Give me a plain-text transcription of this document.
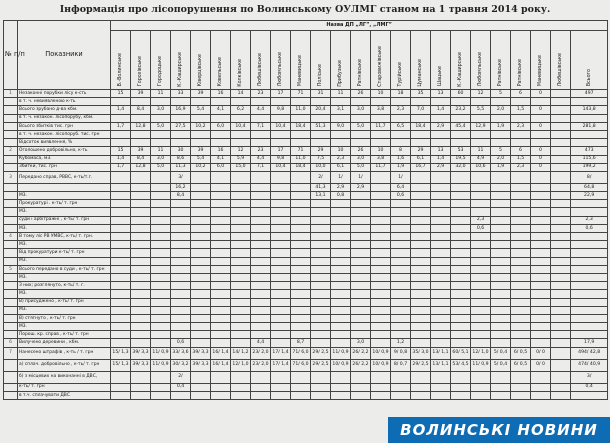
Інформація про лісопорушення по Волинському ОУЛМГ станом на 1 травня 2014 року.
№ п/п	Показники	Назва ДП „ЛГ”, „ЛМГ”																							
		В.-Волинське	Горохівське	Городоцьке	К.-Каширське	Ківерцівське	Ковельське	Колківське	Любешівське	Любомльське	Маневицьке	Поліське	Прибузьке	Ратнівське	Старовижівське	Турійське	Цуманське	Шацьке	К.-Каширське	Любомльське	Ратнівське	Ратнівське	Маневицьке	Любешівське	Всього
1	Незаконні порубки лісу к-сть	15	39	11	33	39	16	14	23	17	71	31	11	26	10	18	35	13	60	12	5	6	0		497
	в т. ч. невиявленою к-ть																								
	Всього зрубано д-ва кбм.	1,4	8,4	3,0	16,9	5,4	4,1	6,2	4,4	9,8	11,0	20,4	3,1	3,0	3,8	2,3	7,0	1,4	23,2	5,5	2,0	1,5	0		143,8
	в т. ч. незакон. лісопорубу, кбм.																								
	Всього збитків тис. грн	1,7	12,8	5,0	27,5	10,2	6,0	10,4	7,1	10,4	18,4	51,3	9,0	5,0	11,7	6,5	18,4	2,9	45,4	12,9	1,9	2,3	0		281,8
	в т. ч. незакон. лісопоруб. тис. грн																								
	Відсоток виявлення, %																								
2	Оголошено добровільно, к-ть	15	39	11	30	39	16	12	23	17	71	29	10	26	10	8	29	13	53	11	5	6	0		473
	Кубомаса, м3.	1,4	8,4	3,0	8,6	5,4	4,1	5,9	4,4	9,8	11,0	7,5	2,3	3,0	3,8	1,6	6,1	1,4	19,5	4,9	2,0	1,5	0		115,6
	Збитки, тис. грн	1,7	12,8	5,0	11,3	10,2	6,0	15,0	7,1	10,4	18,4	10,0	6,1	5,0	11,7	1,9	16,7	2,9	32,0	10,6	1,9	2,3	0		199,2
3	Передано справ, РВВС, к-ть/т.г.				3/							2/	1/	1/		1/									8/
					16,2							41,3	2,9	2,9		6,4									64,8
	М3.				8,4							13,1	0,8			0,6									22,9
	Прокуратурі . к-ть/ т. грн																								
	М3.																								
	суди і арбітражні , к-ть/ т. грн																			2,3					2,3
	М3.																			0,6					0,6
4	В тому ліс РВ УМВС, к-ть/ т. грн.																								
	М3.																								
	Від прокуратури к-ть/ т. грн																								
	М3.																								
5	Всього передано в суди , к-ть/ т. грн																								
	М3.																								
	З них; розглянуто, к-ть/ т. г.																								
	М3.																								
	В) присуджено , к-ть/ т. грн																								
	М3.																								
	В) стягнуто , к-ть/ т. грн																								
	М3.																								
	Порош. кр. справ , к-ть/ т. грн																								
6	Вилучено деревини , кбм.				0,6				4,4		8,7			3,0		1,2									17,9
7	Нанесено штрафів , к-ть / т. грн	15/ 1,3	39/ 3,3	11/ 0,9	33/ 3,6	39/ 3,3	16/ 1,4	14/ 1,2	23/ 2,0	17/ 1,4	71/ 6,0	29/ 2,5	11/ 0,9	26/ 2,2	10/ 0,9	9/ 0,8	35/ 3,0	13/ 1,1	60/ 5,1	12/ 1,0	5/ 0,4	6/ 0,5	0/ 0		494/ 42,8
	а) сплач. добровільно , к-ть/ т. грн	15/ 1,3	39/ 3,3	11/ 0,9	30/ 3,2	39/ 3,3	16/ 1,4	12/ 1,0	23/ 2,0	17/ 1,4	71/ 6,0	29/ 2,5	10/ 0,9	26/ 2,2	10/ 0,9	8/ 0,7	29/ 2,5	13/ 1,1	53/ 4,5	11/ 0,9	5/ 0,4	6/ 0,5	0/ 0		474/ 40,9
	б) з місцевих на виконанні в ДВС,				2/																				3/
	к-ть/ т. грн				0,4																				0,4
	в т.ч. сплачувати ДВС																								
ВОЛИНСЬКІ НОВИНИ
